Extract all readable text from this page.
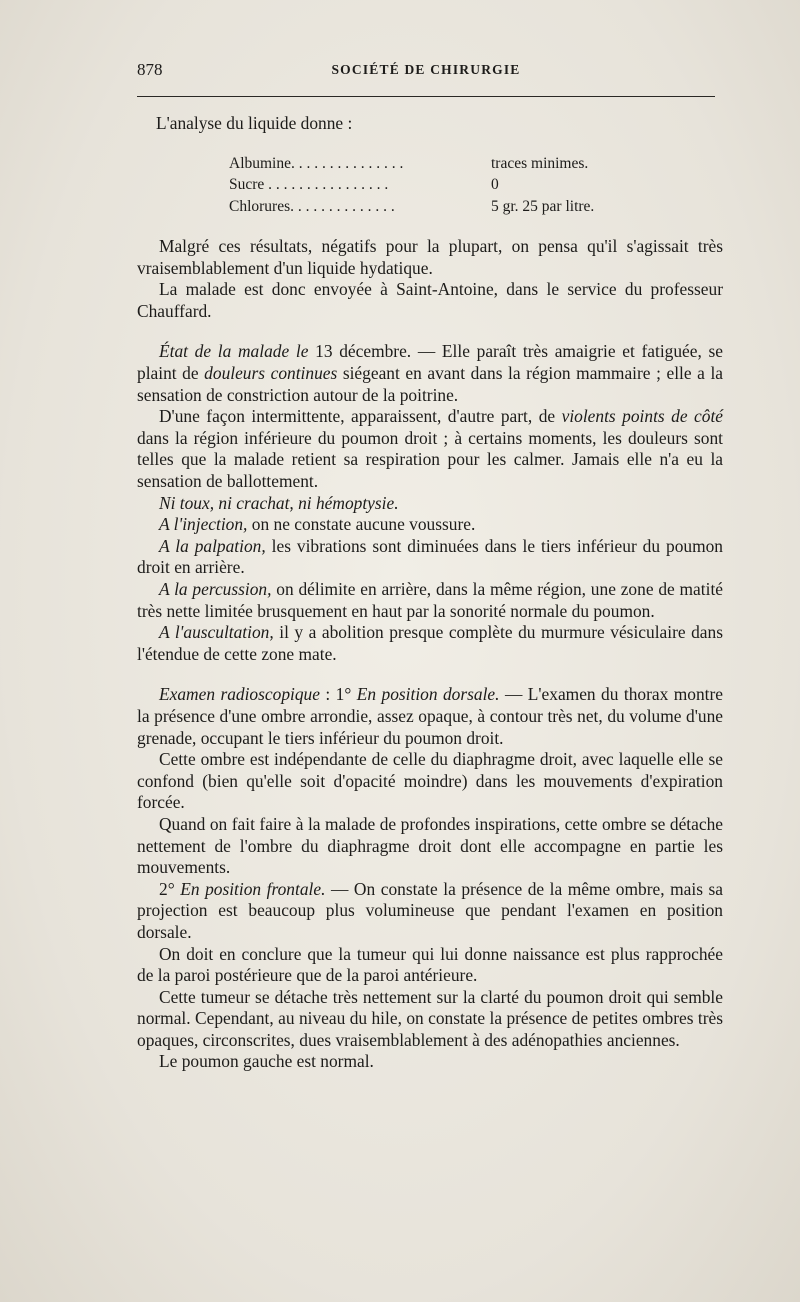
878	SOCIÉTÉ DE CHIRURGIE

L'analyse du liquide donne :

Albumine. . . . . . . . . . . . . . .	traces minimes.
Sucre . . . . . . . . . . . . . . . .	0
Chlorures. . . . . . . . . . . . . .	5 gr. 25 par litre.

Malgré ces résultats, négatifs pour la plupart, on pensa qu'il s'agissait très vraisemblablement d'un liquide hydatique.

La malade est donc envoyée à Saint-Antoine, dans le service du professeur Chauffard.

État de la malade le 13 décembre. — Elle paraît très amaigrie et fatiguée, se plaint de douleurs continues siégeant en avant dans la région mammaire ; elle a la sensation de constriction autour de la poitrine.

D'une façon intermittente, apparaissent, d'autre part, de violents points de côté dans la région inférieure du poumon droit ; à certains moments, les douleurs sont telles que la malade retient sa respiration pour les calmer. Jamais elle n'a eu la sensation de ballottement.

Ni toux, ni crachat, ni hémoptysie.

A l'injection, on ne constate aucune voussure.

A la palpation, les vibrations sont diminuées dans le tiers inférieur du poumon droit en arrière.

A la percussion, on délimite en arrière, dans la même région, une zone de matité très nette limitée brusquement en haut par la sonorité normale du poumon.

A l'auscultation, il y a abolition presque complète du murmure vésiculaire dans l'étendue de cette zone mate.

Examen radioscopique : 1° En position dorsale. — L'examen du thorax montre la présence d'une ombre arrondie, assez opaque, à contour très net, du volume d'une grenade, occupant le tiers inférieur du poumon droit.

Cette ombre est indépendante de celle du diaphragme droit, avec laquelle elle se confond (bien qu'elle soit d'opacité moindre) dans les mouvements d'expiration forcée.

Quand on fait faire à la malade de profondes inspirations, cette ombre se détache nettement de l'ombre du diaphragme droit dont elle accompagne en partie les mouvements.

2° En position frontale. — On constate la présence de la même ombre, mais sa projection est beaucoup plus volumineuse que pendant l'examen en position dorsale.

On doit en conclure que la tumeur qui lui donne naissance est plus rapprochée de la paroi postérieure que de la paroi antérieure.

Cette tumeur se détache très nettement sur la clarté du poumon droit qui semble normal. Cependant, au niveau du hile, on constate la présence de petites ombres très opaques, circonscrites, dues vraisemblablement à des adénopathies anciennes.

Le poumon gauche est normal.
